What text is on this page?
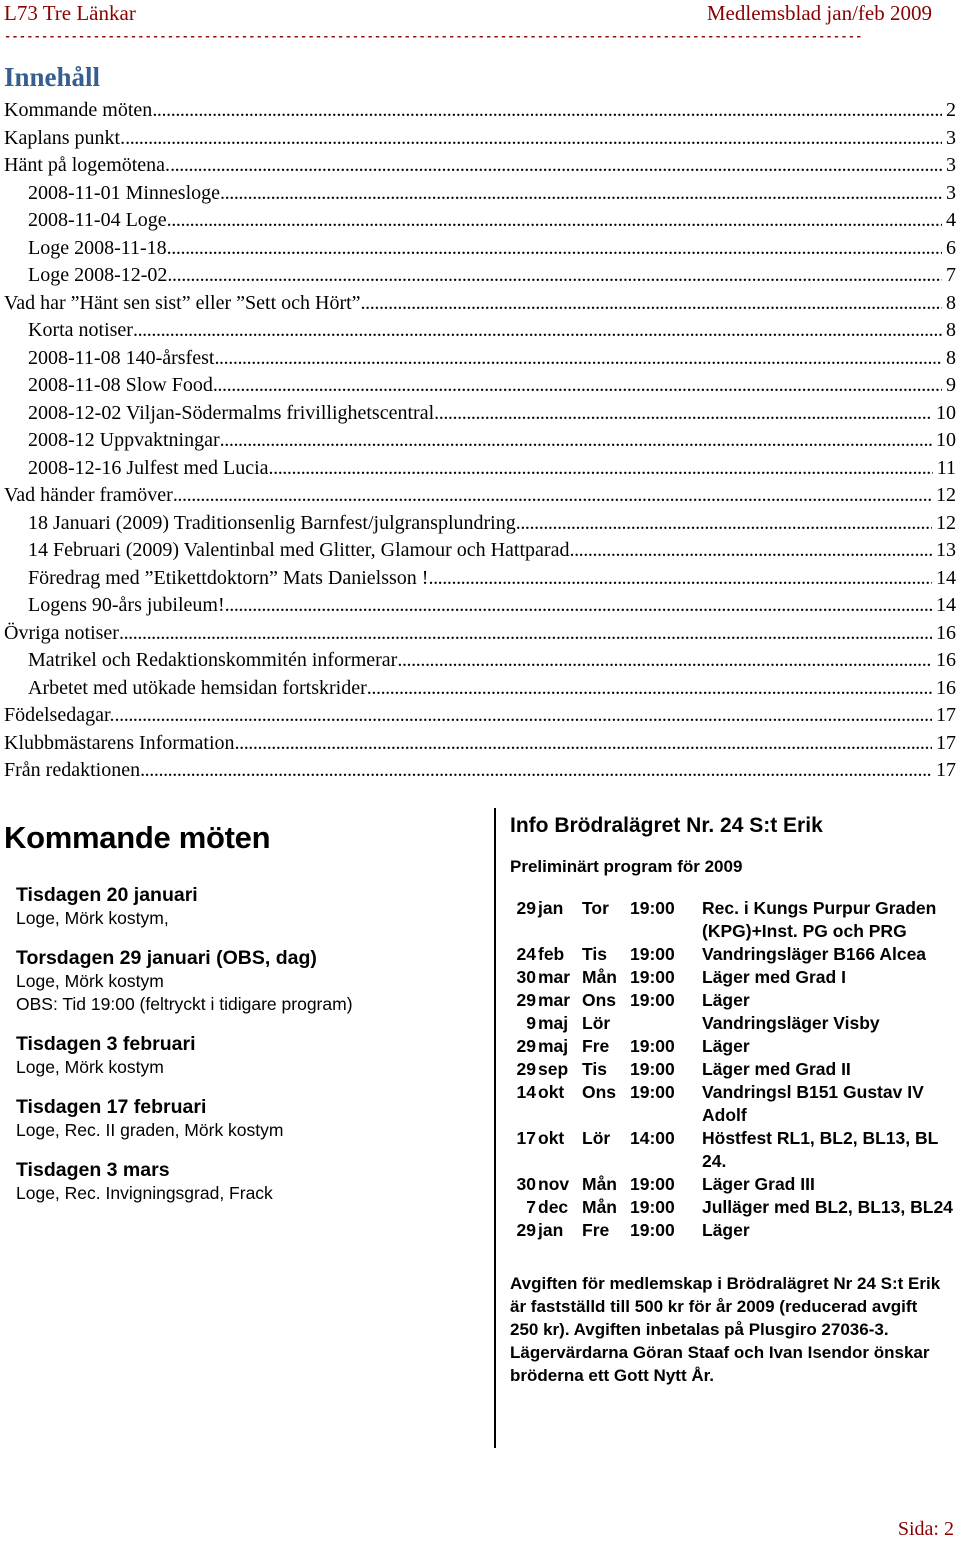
L73 Tre Länkar	Medlemsblad jan/feb 2009
--------------------------------------------------------------------------------------------------------------------
Innehåll
Kommande möten . . .	2
Kaplans punkt. . . .	3
Hänt på logemötena. . . .	3
2008-11-01 Minnesloge . . .	3
2008-11-04 Loge . . .	4
Loge 2008-11-18 . . .	6
Loge 2008-12-02 . . .	7
Vad har ”Hänt sen sist” eller ”Sett och Hört” . . .	8
Korta notiser . . .	8
2008-11-08 140-årsfest . . .	8
2008-11-08 Slow Food . . .	9
2008-12-02 Viljan-Södermalms frivillighetscentral . . .	10
2008-12 Uppvaktningar . . .	10
2008-12-16 Julfest med Lucia . . .	11
Vad händer framöver . . .	12
18 Januari (2009) Traditionsenlig Barnfest/julgransplundring . . .	12
14 Februari (2009) Valentinbal med Glitter, Glamour och Hattparad . . .	13
Föredrag med ”Etikettdoktorn” Mats Danielsson ! . . .	14
Logens 90-års jubileum! . . .	14
Övriga notiser . . .	16
Matrikel och Redaktionskommitén informerar . . .	16
Arbetet med utökade hemsidan fortskrider . . .	16
Födelsedagar. . . .	17
Klubbmästarens Information . . .	17
Från redaktionen . . .	17
Kommande möten
Tisdagen 20 januari
Loge, Mörk kostym,
Torsdagen 29 januari (OBS, dag)
Loge, Mörk kostym
OBS: Tid 19:00 (feltryckt i tidigare program)
Tisdagen 3 februari
Loge, Mörk kostym
Tisdagen 17 februari
Loge, Rec. II graden, Mörk kostym
Tisdagen 3 mars
Loge, Rec. Invigningsgrad, Frack
Info Brödralägret Nr. 24 S:t Erik
Preliminärt program för 2009
29 jan	Tor	19:00	Rec. i Kungs Purpur Graden (KPG)+Inst. PG och PRG
24 feb	Tis	19:00	Vandringsläger B166 Alcea
30 mar Mån 19:00	Läger med Grad I
29 mar Ons 19:00	Läger
9 maj Lör	Vandringsläger Visby
29 maj Fre	19:00	Läger
29 sep Tis	19:00	Läger med Grad II
14 okt	Ons 19:00	Vandringsl B151 Gustav IV Adolf
17 okt	Lör	14:00	Höstfest RL1, BL2, BL13, BL 24.
30 nov Mån 19:00	Läger Grad III
7 dec Mån 19:00	Julläger med BL2, BL13, BL24
29 jan	Fre	19:00	Läger
Avgiften för medlemskap i Brödralägret Nr 24 S:t Erik är fastställd till 500 kr för år 2009 (reducerad avgift 250 kr). Avgiften inbetalas på Plusgiro 27036-3.
Lägervärdarna Göran Staaf och Ivan Isendor önskar bröderna ett Gott Nytt År.
Sida: 2
